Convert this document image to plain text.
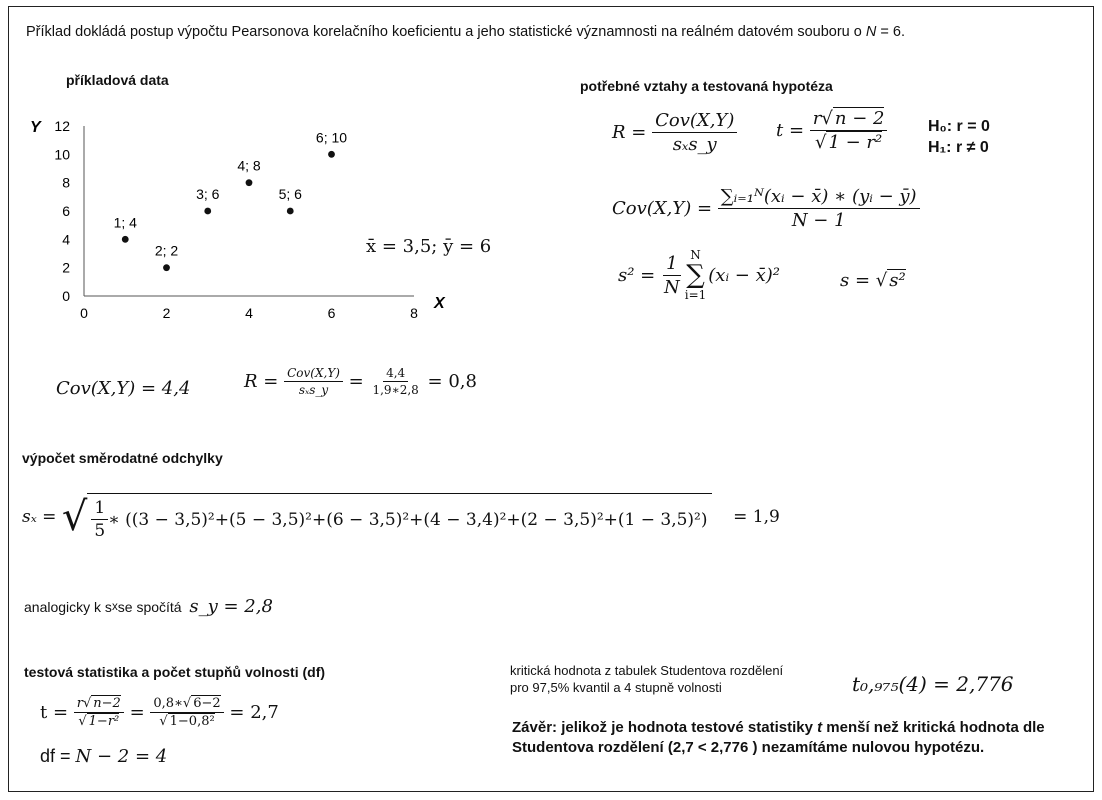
Příklad dokládá postup výpočtu Pearsonova korelačního koeficientu a jeho statistické významnosti na reálném datovém souboru o N = 6.
příkladová data
0	2	4	6	8
0
2
4
6
8
10
12
X
Y
1; 4
2; 2
3; 6
4; 8
5; 6
6; 10
x̄ = 3,5; ȳ = 6
potřebné vztahy a testovaná hypotéza
R =
$\frac{\text{Cov(X,Y)}}{\text{sₓs\_y}}$ t =
$\frac{r√ n - 2}{\text{√ 1 − r²}}$	H₀: r = 0
H₁: r ≠ 0
Cov(X,Y) =
$\frac{\text{∑ᵢ₌₁ᴺ(xᵢ − x̄) ∗ (yᵢ − ȳ)}}{N - 1}$
s² =
$\frac{1}{N}$ N
∑
i=1
(xᵢ − x̄)²	s = √ s²
Cov(X,Y) = 4,4	R =
$\frac{\text{Cov(X,Y)}}{\text{sₓs\_y}}$
=
$\frac{4,4}{1,9∗2,8}$
= 0,8
výpočet směrodatné odchylky
sₓ =
√ $\frac{1}{5}$ ∗ ((3 − 3,5)²+(5 − 3,5)²+(6 − 3,5)²+(4 − 3,4)²+(2 − 3,5)²+(1 − 3,5)²)
= 1,9
analogicky k s x se spočítá
s_y = 2,8
testová statistika a počet stupňů volnosti (df)
t =
$\frac{r√ n-2}{\text{√ 1−r²}}$
=
$\frac{0,8∗√ 6-2}{\text{√ 1−0,8²}}$
= 2,7
df = N − 2 = 4
kritická hodnota z tabulek Studentova rozdělení
pro 97,5% kvantil a 4 stupně volnosti	t₀,₉₇₅(4) = 2,776
Závěr: jelikož je hodnota testové statistiky t menší než kritická hodnota dle Studentova rozdělení (2,7 < 2,776 ) nezamítáme nulovou hypotézu.
